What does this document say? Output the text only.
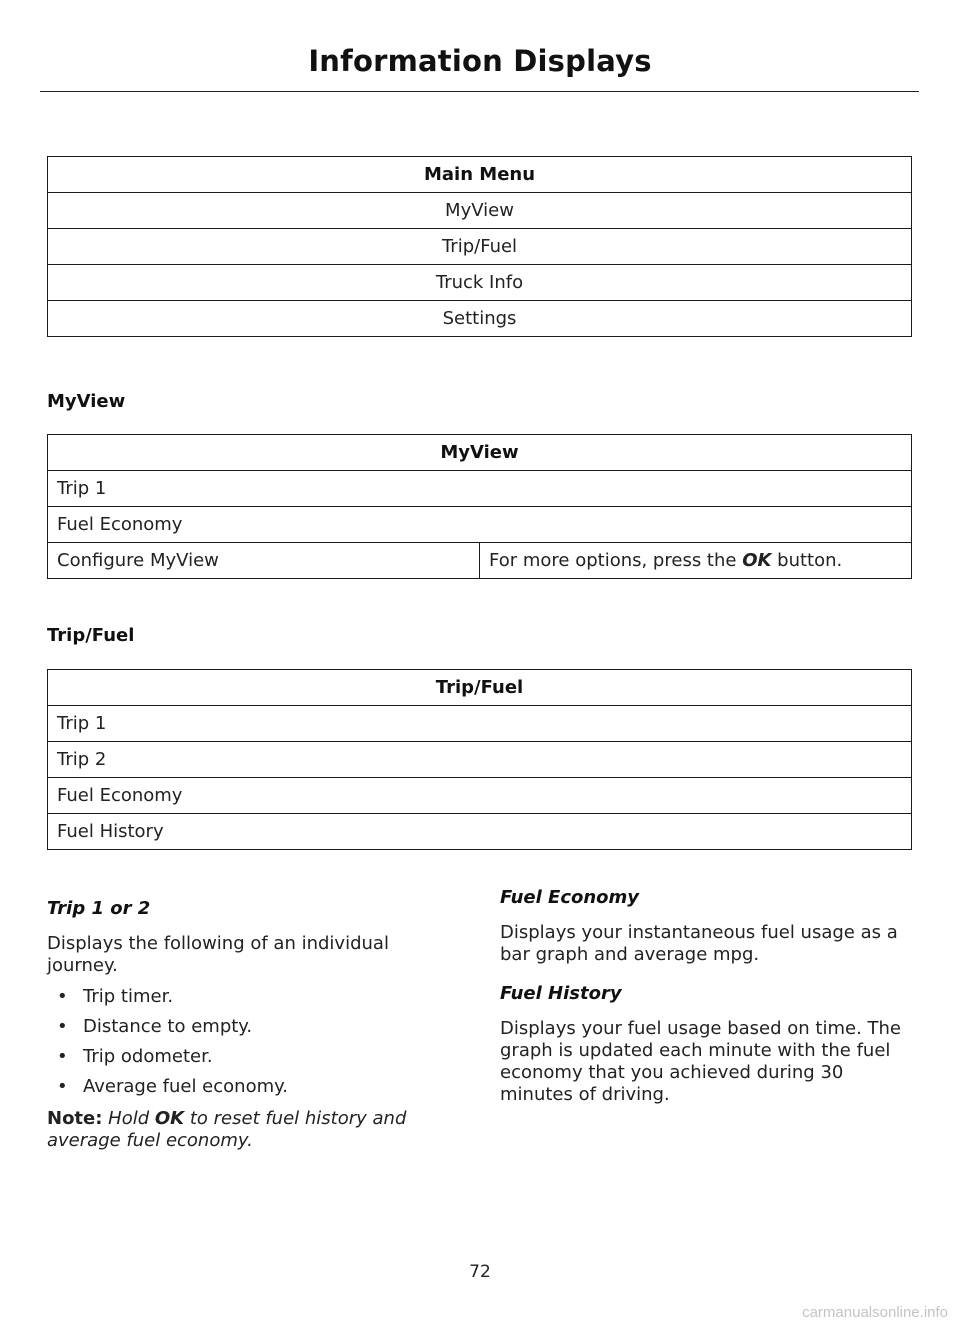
Information Displays
Main Menu
MyView
Trip/Fuel
Truck Info
Settings
MyView
MyView
Trip 1
Fuel Economy
Configure MyView	For more options, press the OK button.
Trip/Fuel
Trip/Fuel
Trip 1
Trip 2
Fuel Economy
Fuel History

Trip 1 or 2

Displays the following of an individual journey.

• Trip timer.

• Distance to empty.

• Trip odometer.

• Average fuel economy.

Note: Hold OK to reset fuel history and average fuel economy.

Fuel Economy

Displays your instantaneous fuel usage as a bar graph and average mpg.

Fuel History

Displays your fuel usage based on time. The graph is updated each minute with the fuel economy that you achieved during 30 minutes of driving.

72
carmanualsonline.info
